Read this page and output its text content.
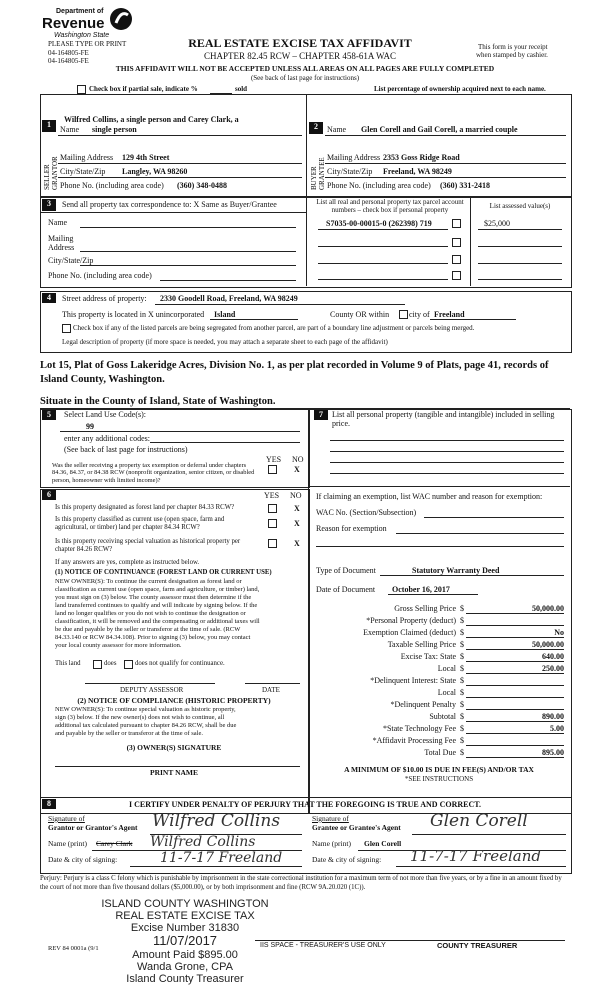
Department of
Revenue
Washington State
PLEASE TYPE OR PRINT
04-164805-FE
04-164805-FE
REAL ESTATE EXCISE TAX AFFIDAVIT
CHAPTER 82.45 RCW – CHAPTER 458-61A WAC
This form is your receipt
when stamped by cashier.
THIS AFFIDAVIT WILL NOT BE ACCEPTED UNLESS ALL AREAS ON ALL PAGES ARE FULLY COMPLETED
(See back of last page for instructions)
Check box if partial sale, indicate %	sold	List percentage of ownership acquired next to each name.
1
SELLER GRANTOR
Name
Wilfred Collins, a single person and Carey Clark, a
single person
Mailing Address 129 4th Street
City/State/Zip Langley, WA 98260
Phone No. (including area code) (360) 348-0488
2
BUYER GRANTEE
Name Glen Corell and Gail Corell, a married couple
Mailing Address 2353 Goss Ridge Road
City/State/Zip Freeland, WA 98249
Phone No. (including area code) (360) 331-2418
3	Send all property tax correspondence to: X Same as Buyer/Grantee
Name
Mailing Address
City/State/Zip
Phone No. (including area code)
List all real and personal property tax parcel account numbers – check box if personal property
List assessed value(s)
S7035-00-00015-0 (262398) 719	$25,000
4	Street address of property: 2330 Goodell Road, Freeland, WA 98249
This property is located in X unincorporated Island	County OR within city of Freeland
Check box if any of the listed parcels are being segregated from another parcel, are part of a boundary line adjustment or parcels being merged.
Legal description of property (if more space is needed, you may attach a separate sheet to each page of the affidavit)
Lot 15, Plat of Goss Lakeridge Acres, Division No. 1, as per plat recorded in Volume 9 of Plats, page 41, records of Island County, Washington.
Situate in the County of Island, State of Washington.
5	Select Land Use Code(s):
99
enter any additional codes:
(See back of last page for instructions)
YES NO
Was the seller receiving a property tax exemption or deferral under chapters 84.36, 84.37, or 84.38 RCW (nonprofit organization, senior citizen, or disabled person, homeowner with limited income)?
X
6	YES NO
Is this property designated as forest land per chapter 84.33 RCW?	X
Is this property classified as current use (open space, farm and agricultural, or timber) land per chapter 84.34 RCW?	X
Is this property receiving special valuation as historical property per chapter 84.26 RCW?
X
If any answers are yes, complete as instructed below.
(1) NOTICE OF CONTINUANCE (FOREST LAND OR CURRENT USE)
NEW OWNER(S): To continue the current designation as forest land or
classification as current use (open space, farm and agriculture, or timber) land,
you must sign on (3) below. The county assessor must then determine if the
land transferred continues to qualify and will indicate by signing below. If the
land no longer qualifies or you do not wish to continue the designation or
classification, it will be removed and the compensating or additional taxes will
be due and payable by the seller or transferor at the time of sale. (RCW
84.33.140 or RCW 84.34.108). Prior to signing (3) below, you may contact
your local county assessor for more information.
This land	does	does not qualify for continuance.
DEPUTY ASSESSOR	DATE
(2) NOTICE OF COMPLIANCE (HISTORIC PROPERTY)
NEW OWNER(S): To continue special valuation as historic property,
sign (3) below. If the new owner(s) does not wish to continue, all
additional tax calculated pursuant to chapter 84.26 RCW, shall be due
and payable by the seller or transferor at the time of sale.
(3) OWNER(S) SIGNATURE
PRINT NAME
7	List all personal property (tangible and intangible) included in selling price.
If claiming an exemption, list WAC number and reason for exemption:
WAC No. (Section/Subsection)
Reason for exemption
Type of Document	Statutory Warranty Deed
Date of Document October 16, 2017
Gross Selling Price $	50,000.00
*Personal Property (deduct) $
Exemption Claimed (deduct) $	No
Taxable Selling Price $	50,000.00
Excise Tax: State $	640.00
Local $	250.00
*Delinquent Interest: State $
Local $
*Delinquent Penalty $
Subtotal $	890.00
*State Technology Fee $	5.00
*Affidavit Processing Fee $
Total Due $	895.00
A MINIMUM OF $10.00 IS DUE IN FEE(S) AND/OR TAX
*SEE INSTRUCTIONS
8	I CERTIFY UNDER PENALTY OF PERJURY THAT THE FOREGOING IS TRUE AND CORRECT.
Signature of
Grantor or Grantor's Agent Wilfred Collins
Name (print) Carey Clark Wilfred Collins
Date & city of signing:	11-7-17 Freeland
Signature of
Grantee or Grantee's Agent Glen Corell
Name (print) Glen Corell
Date & city of signing: 11-7-17 Freeland
Perjury: Perjury is a class C felony which is punishable by imprisonment in the state correctional institution for a maximum term of not more than five years, or by a fine in an amount fixed by the court of not more than five thousand dollars ($5,000.00), or by both imprisonment and fine (RCW 9A.20.020 (1C)).
ISLAND COUNTY WASHINGTON
REAL ESTATE EXCISE TAX
Excise Number 31830
11/07/2017
Amount Paid $895.00
Wanda Grone, CPA
Island County Treasurer
REV 84 0001a (9/1	IIS SPACE - TREASURER'S USE ONLY	COUNTY TREASURER
